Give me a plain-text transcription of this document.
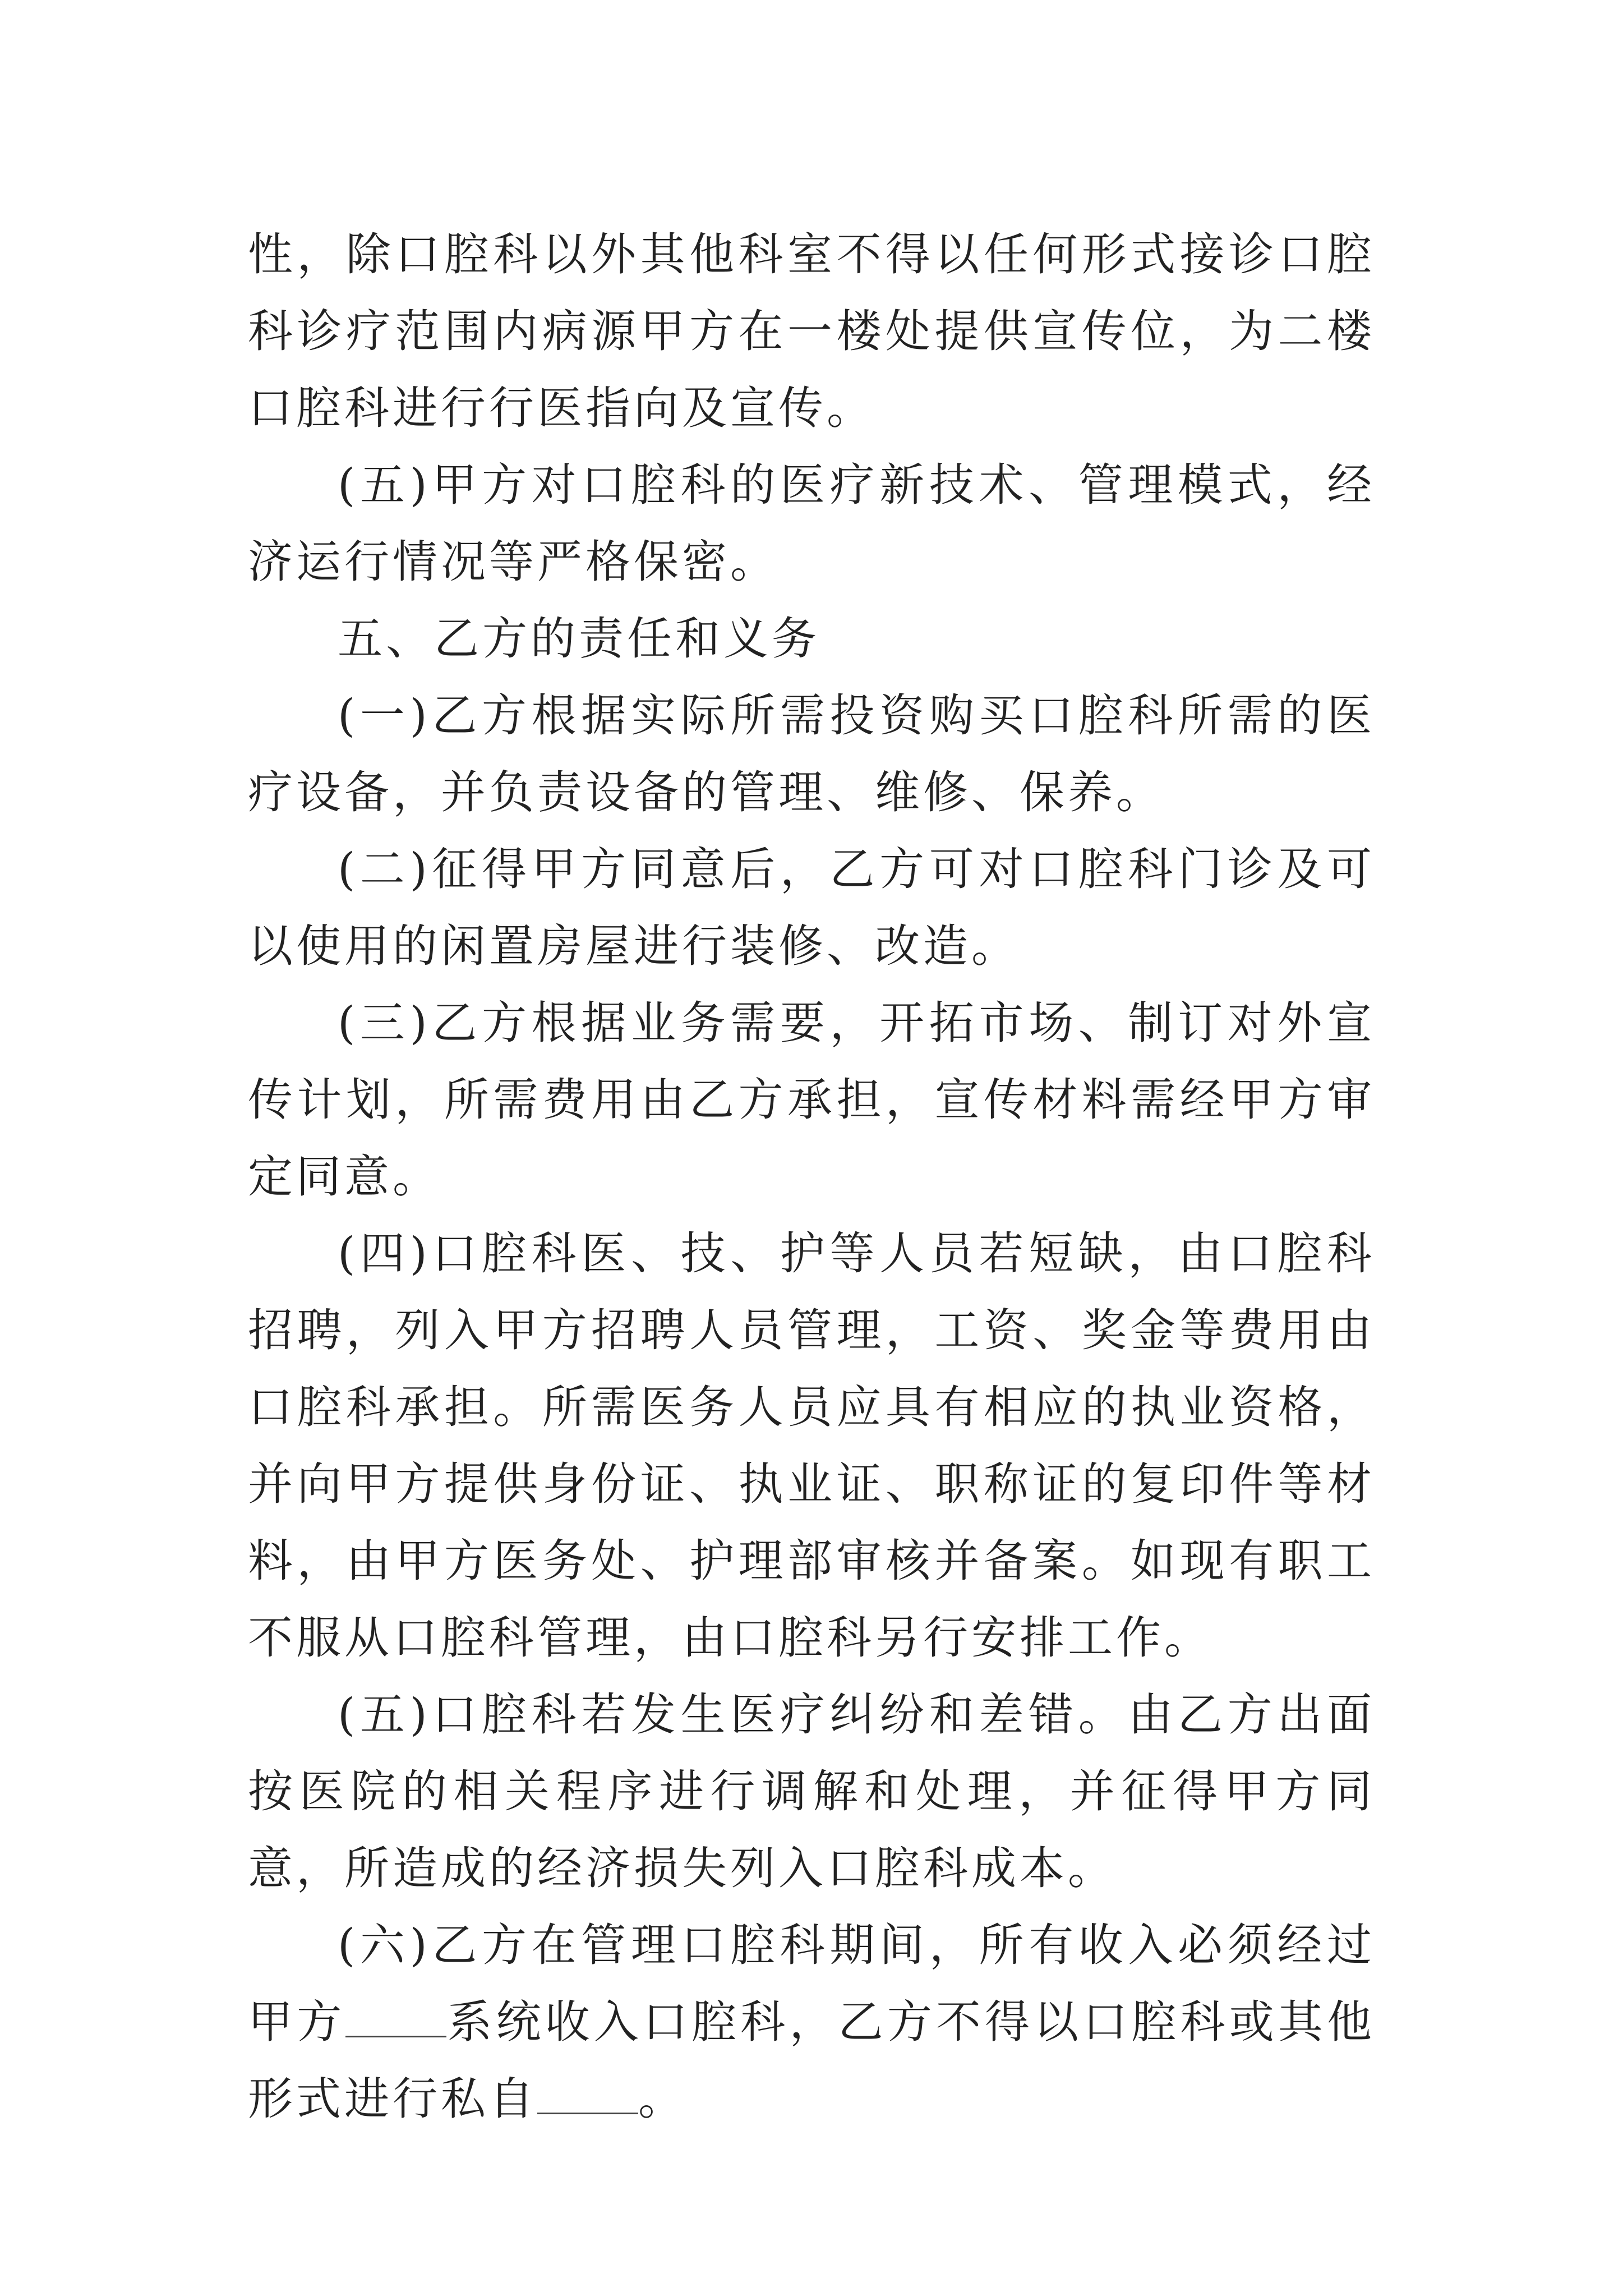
性，除口腔科以外其他科室不得以任何形式接诊口腔科诊疗范围内病源甲方在一楼处提供宣传位，为二楼口腔科进行行医指向及宣传。

(五)甲方对口腔科的医疗新技术、管理模式，经济运行情况等严格保密。

五、乙方的责任和义务

(一)乙方根据实际所需投资购买口腔科所需的医疗设备，并负责设备的管理、维修、保养。

(二)征得甲方同意后，乙方可对口腔科门诊及可以使用的闲置房屋进行装修、改造。

(三)乙方根据业务需要，开拓市场、制订对外宣传计划，所需费用由乙方承担，宣传材料需经甲方审定同意。

(四)口腔科医、技、护等人员若短缺，由口腔科招聘，列入甲方招聘人员管理，工资、奖金等费用由口腔科承担。所需医务人员应具有相应的执业资格，并向甲方提供身份证、执业证、职称证的复印件等材料，由甲方医务处、护理部审核并备案。如现有职工不服从口腔科管理，由口腔科另行安排工作。

(五)口腔科若发生医疗纠纷和差错。由乙方出面按医院的相关程序进行调解和处理，并征得甲方同意，所造成的经济损失列入口腔科成本。

(六)乙方在管理口腔科期间，所有收入必须经过甲方 系统收入口腔科，乙方不得以口腔科或其他形式进行私自 。
